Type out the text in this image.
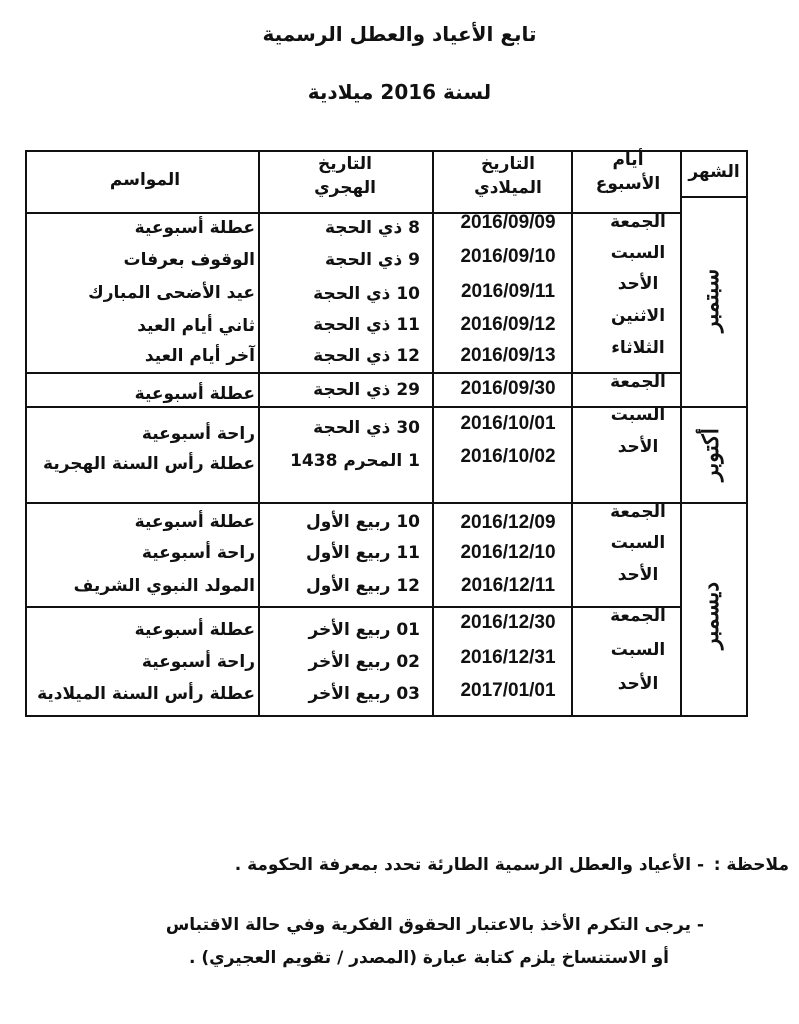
تابع الأعياد والعطل الرسمية
لسنة 2016 ميلادية
الشهر
أيام الأسبوع
التاريخ الميلادي
التاريخ الهجري
المواسم
سبتمبر
أكتوبر
ديسمبر
الجمعة
2016/09/09
8 ذي الحجة
عطلة أسبوعية
السبت
2016/09/10
9 ذي الحجة
الوقوف بعرفات
الأحد
2016/09/11
10 ذي الحجة
عيد الأضحى المبارك
الاثنين
2016/09/12
11 ذي الحجة
ثاني أيام العيد
الثلاثاء
2016/09/13
12 ذي الحجة
آخر أيام العيد
الجمعة
2016/09/30
29 ذي الحجة
عطلة أسبوعية
السبت
2016/10/01
30 ذي الحجة
راحة أسبوعية
الأحد
2016/10/02
1 المحرم 1438
عطلة رأس السنة الهجرية
الجمعة
2016/12/09
10 ربيع الأول
عطلة أسبوعية
السبت
2016/12/10
11 ربيع الأول
راحة أسبوعية
الأحد
2016/12/11
12 ربيع الأول
المولد النبوي الشريف
الجمعة
2016/12/30
01 ربيع الأخر
عطلة أسبوعية
السبت
2016/12/31
02 ربيع الأخر
راحة أسبوعية
الأحد
2017/01/01
03 ربيع الأخر
عطلة رأس السنة الميلادية
ملاحظة :
- الأعياد والعطل الرسمية الطارئة تحدد بمعرفة الحكومة .
- يرجى التكرم الأخذ بالاعتبار الحقوق الفكرية وفي حالة الاقتباس
أو الاستنساخ يلزم كتابة عبارة (المصدر / تقويم العجيري) .
